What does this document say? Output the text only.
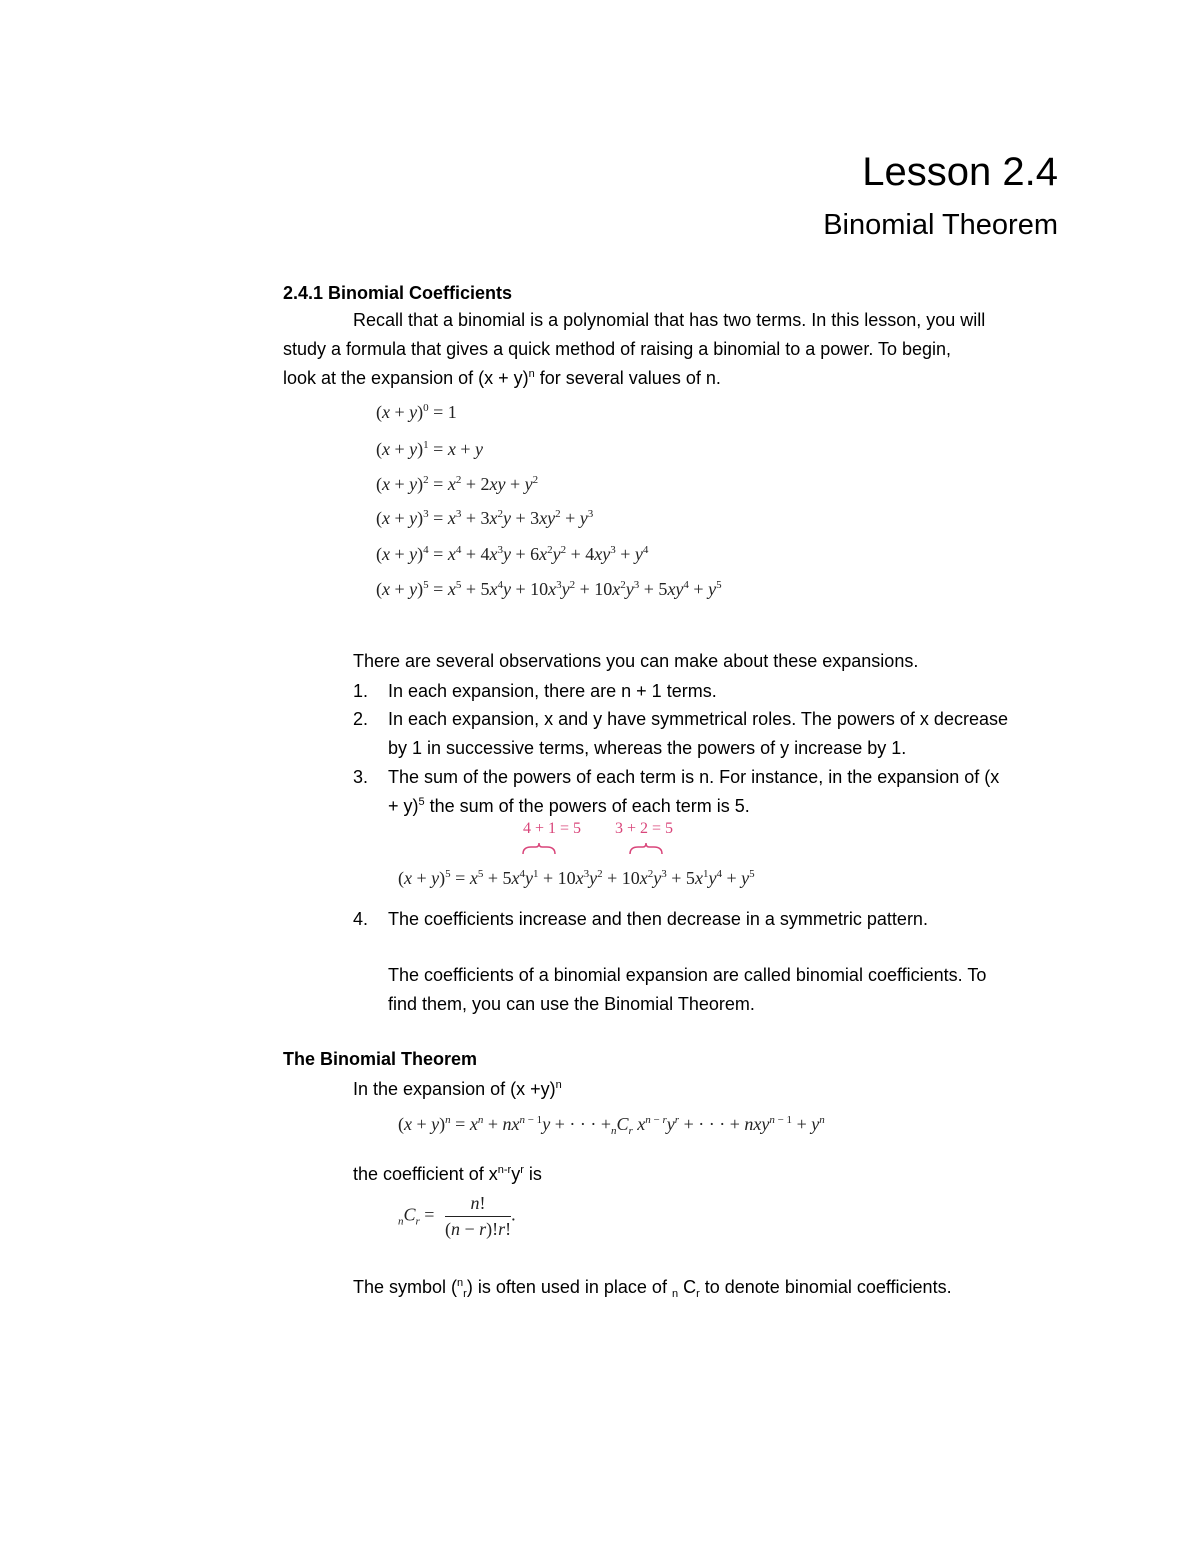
Lesson 2.4
Binomial Theorem
2.4.1 Binomial Coefficients
Recall that a binomial is a polynomial that has two terms. In this lesson, you will
study a formula that gives a quick method of raising a binomial to a power. To begin,
look at the expansion of $(x + y)^n$ for several values of n.
$(x + y)^0 = 1$
$(x + y)^1 = x + y$
$(x + y)^2 = x^2 + 2xy + y^2$
$(x + y)^3 = x^3 + 3x^2y + 3xy^2 + y^3$
$(x + y)^4 = x^4 + 4x^3y + 6x^2y^2 + 4xy^3 + y^4$
$(x + y)^5 = x^5 + 5x^4y + 10x^3y^2 + 10x^2y^3 + 5xy^4 + y^5$
There are several observations you can make about these expansions.
1. In each expansion, there are n + 1 terms.
2. In each expansion, x and y have symmetrical roles. The powers of x decrease
by 1 in successive terms, whereas the powers of y increase by 1.
3. The sum of the powers of each term is n. For instance, in the expansion of (x
+ y)$^5$ the sum of the powers of each term is 5.
4 + 1 = 5 3 + 2 = 5
$(x + y)^5 = x^5 + 5x^4y^1 + 10x^3y^2 + 10x^2y^3 + 5x^1y^4 + y^5$
4. The coefficients increase and then decrease in a symmetric pattern.
The coefficients of a binomial expansion are called binomial coefficients. To
find them, you can use the Binomial Theorem.
The Binomial Theorem
In the expansion of $(x +y)^n$
$(x + y)^n = x^n + nx^{n - 1}y$ + · · · $+_nC_r$ $x^{n - r}y^r$ + · · · + $nxy^{n - 1} + y^n$
the coefficient of $x^{n-r}y^r$ is
$_nC_r = \frac{n!}{(n - r)!r!}$ .
The symbol ($^n_r$) is often used in place of $_n$ $C_r$ to denote binomial coefficients.
